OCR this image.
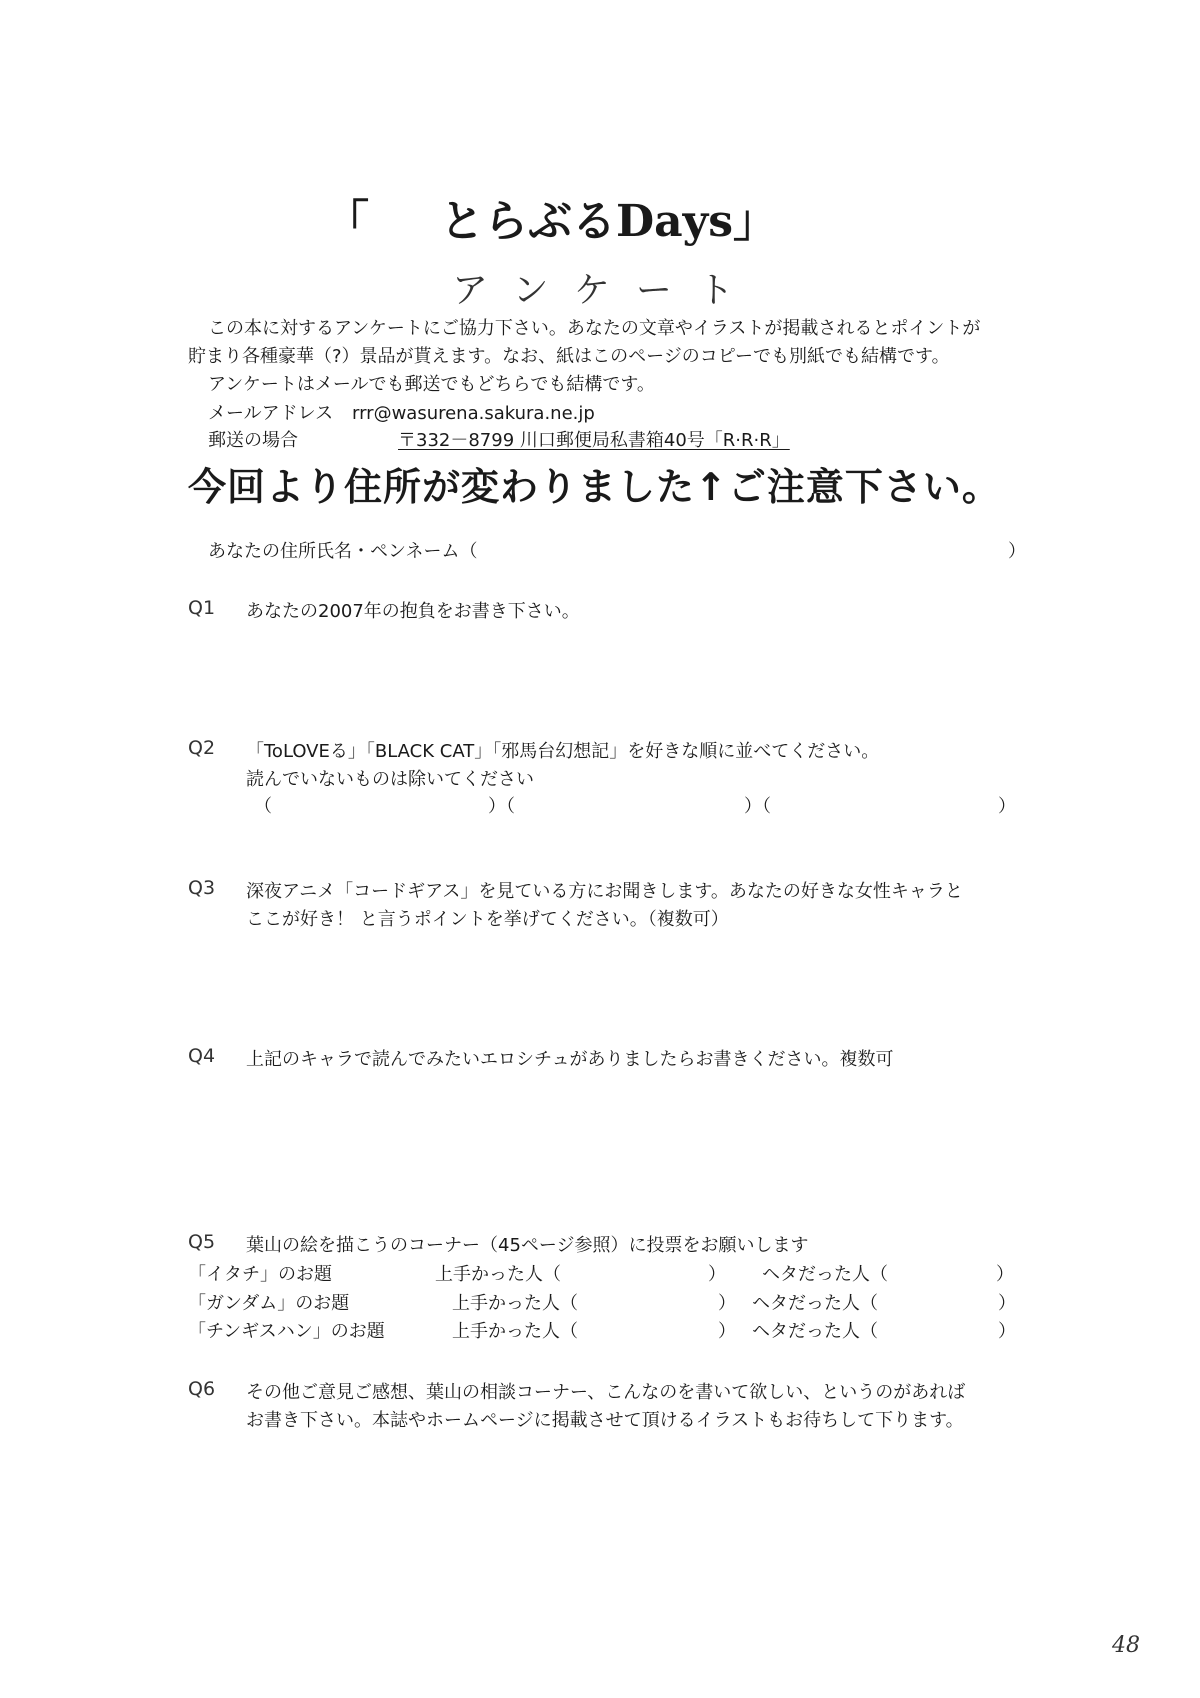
「 とらぶるDays」
アンケート
この本に対するアンケートにご協力下さい。あなたの文章やイラストが掲載されるとポイントが
貯まり各種豪華（?）景品が貰えます。なお、紙はこのページのコピーでも別紙でも結構です。
アンケートはメールでも郵送でもどちらでも結構です。
メールアドレス rrr@wasurena.sakura.ne.jp
郵送の場合	〒332－8799 川口郵便局私書箱40号「R·R·R」
今回より住所が変わりました↑ご注意下さい。
あなたの住所氏名・ペンネーム（	）
Q1 あなたの2007年の抱負をお書き下さい。
Q2 「ToLOVEる」「BLACK CAT」「邪馬台幻想記」を好きな順に並べてください。
読んでいないものは除いてください
（	）（	）（	）
Q3 深夜アニメ「コードギアス」を見ている方にお聞きします。あなたの好きな女性キャラと
ここが好き！ と言うポイントを挙げてください。（複数可）
Q4 上記のキャラで読んでみたいエロシチュがありましたらお書きください。複数可
Q5 葉山の絵を描こうのコーナー（45ページ参照）に投票をお願いします
「イタチ」のお題	上手かった人（	） ヘタだった人（	）
「ガンダム」のお題	上手かった人（	） ヘタだった人（	）
「チンギスハン」のお題	上手かった人（	） ヘタだった人（	）
Q6 その他ご意見ご感想、葉山の相談コーナー、こんなのを書いて欲しい、というのがあれば
お書き下さい。本誌やホームページに掲載させて頂けるイラストもお待ちして下ります。
48
